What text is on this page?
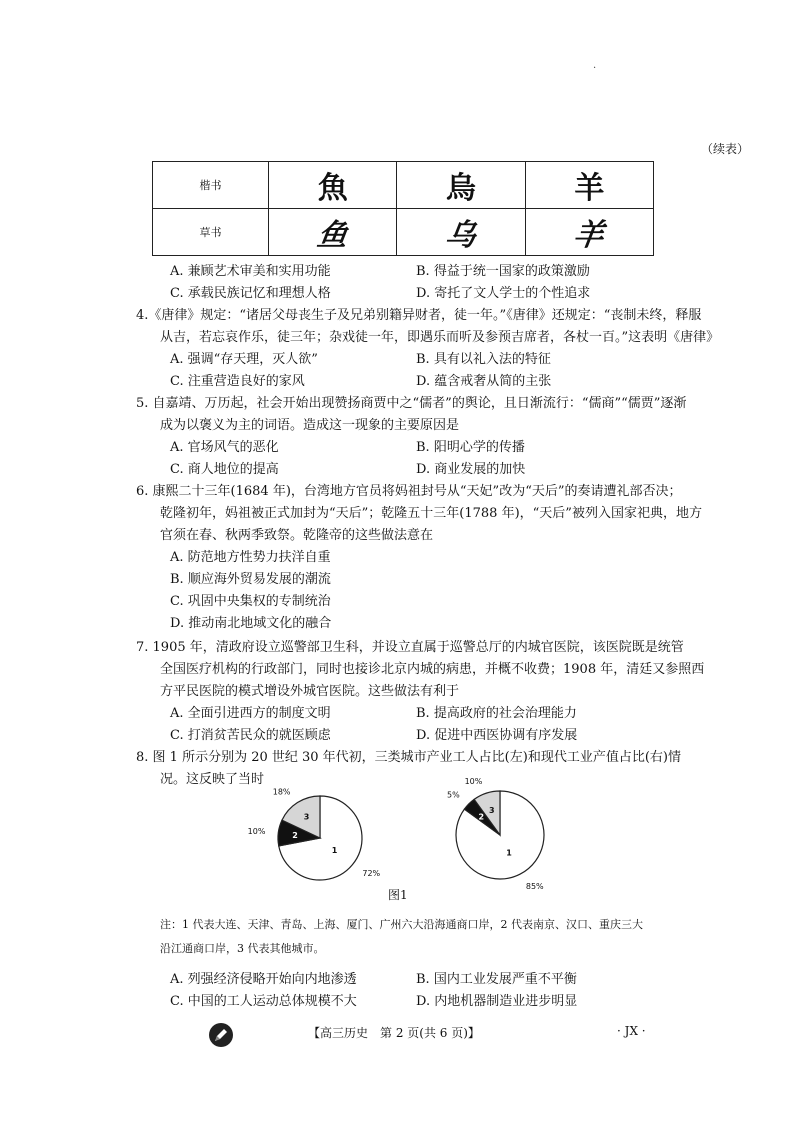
.
（续表）
楷书	魚	烏	羊
草书	鱼	乌	羊
A. 兼顾艺术审美和实用功能	B. 得益于统一国家的政策激励
C. 承载民族记忆和理想人格	D. 寄托了文人学士的个性追求
4.《唐律》规定：“诸居父母丧生子及兄弟别籍异财者，徒一年。”《唐律》还规定：“丧制未终，释服
从吉，若忘哀作乐，徒三年；杂戏徒一年，即遇乐而听及参预吉席者，各杖一百。”这表明《唐律》
A. 强调“存天理，灭人欲”	B. 具有以礼入法的特征
C. 注重营造良好的家风	D. 蕴含戒奢从简的主张
5. 自嘉靖、万历起，社会开始出现赞扬商贾中之“儒者”的舆论，且日渐流行：“儒商”“儒贾”逐渐
成为以褒义为主的词语。造成这一现象的主要原因是
A. 官场风气的恶化	B. 阳明心学的传播
C. 商人地位的提高	D. 商业发展的加快
6. 康熙二十三年(1684 年)，台湾地方官员将妈祖封号从“天妃”改为“天后”的奏请遭礼部否决；
乾隆初年，妈祖被正式加封为“天后”；乾隆五十三年(1788 年)，“天后”被列入国家祀典，地方
官须在春、秋两季致祭。乾隆帝的这些做法意在
A. 防范地方性势力扶洋自重
B. 顺应海外贸易发展的潮流
C. 巩固中央集权的专制统治
D. 推动南北地域文化的融合
7. 1905 年，清政府设立巡警部卫生科，并设立直属于巡警总厅的内城官医院，该医院既是统管
全国医疗机构的行政部门，同时也接诊北京内城的病患，并概不收费；1908 年，清廷又参照西
方平民医院的模式增设外城官医院。这些做法有利于
A. 全面引进西方的制度文明	B. 提高政府的社会治理能力
C. 打消贫苦民众的就医顾虑	D. 促进中西医协调有序发展
8. 图 1 所示分别为 20 世纪 30 年代初，三类城市产业工人占比(左)和现代工业产值占比(右)情
况。这反映了当时
1
72%
2
10%
3
18%
1
85%
2
5%
3
10%
图1
注：1 代表大连、天津、青岛、上海、厦门、广州六大沿海通商口岸，2 代表南京、汉口、重庆三大沿江通商口岸，3 代表其他城市。
A. 列强经济侵略开始向内地渗透	B. 国内工业发展严重不平衡
C. 中国的工人运动总体规模不大	D. 内地机器制造业进步明显
【高三历史　第 2 页(共 6 页)】	· JX ·
